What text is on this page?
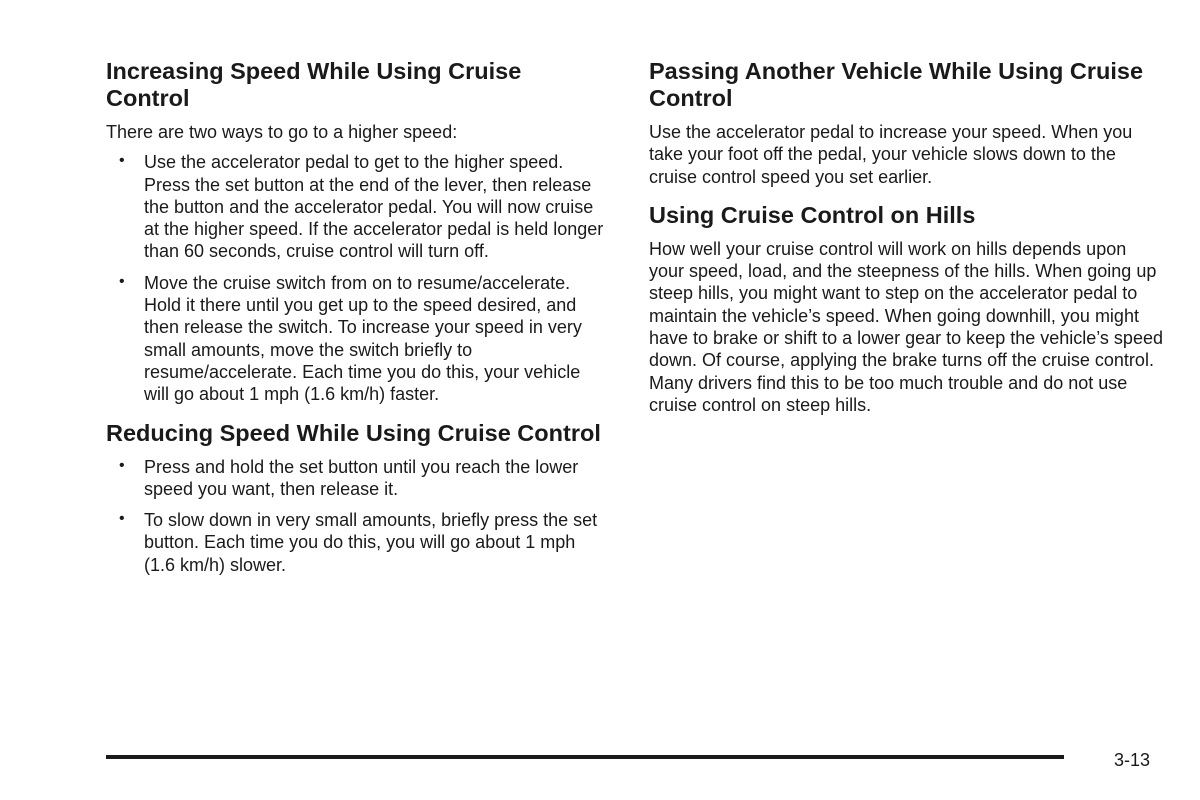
Increasing Speed While Using Cruise Control

There are two ways to go to a higher speed:

• Use the accelerator pedal to get to the higher speed. Press the set button at the end of the lever, then release the button and the accelerator pedal. You will now cruise at the higher speed. If the accelerator pedal is held longer than 60 seconds, cruise control will turn off.
• Move the cruise switch from on to resume/accelerate. Hold it there until you get up to the speed desired, and then release the switch. To increase your speed in very small amounts, move the switch briefly to resume/accelerate. Each time you do this, your vehicle will go about 1 mph (1.6 km/h) faster.
Reducing Speed While Using Cruise Control
• Press and hold the set button until you reach the lower speed you want, then release it.
• To slow down in very small amounts, briefly press the set button. Each time you do this, you will go about 1 mph (1.6 km/h) slower.
Passing Another Vehicle While Using Cruise Control

Use the accelerator pedal to increase your speed. When you take your foot off the pedal, your vehicle slows down to the cruise control speed you set earlier.

Using Cruise Control on Hills

How well your cruise control will work on hills depends upon your speed, load, and the steepness of the hills. When going up steep hills, you might want to step on the accelerator pedal to maintain the vehicle’s speed. When going downhill, you might have to brake or shift to a lower gear to keep the vehicle’s speed down. Of course, applying the brake turns off the cruise control. Many drivers find this to be too much trouble and do not use cruise control on steep hills.

3-13
